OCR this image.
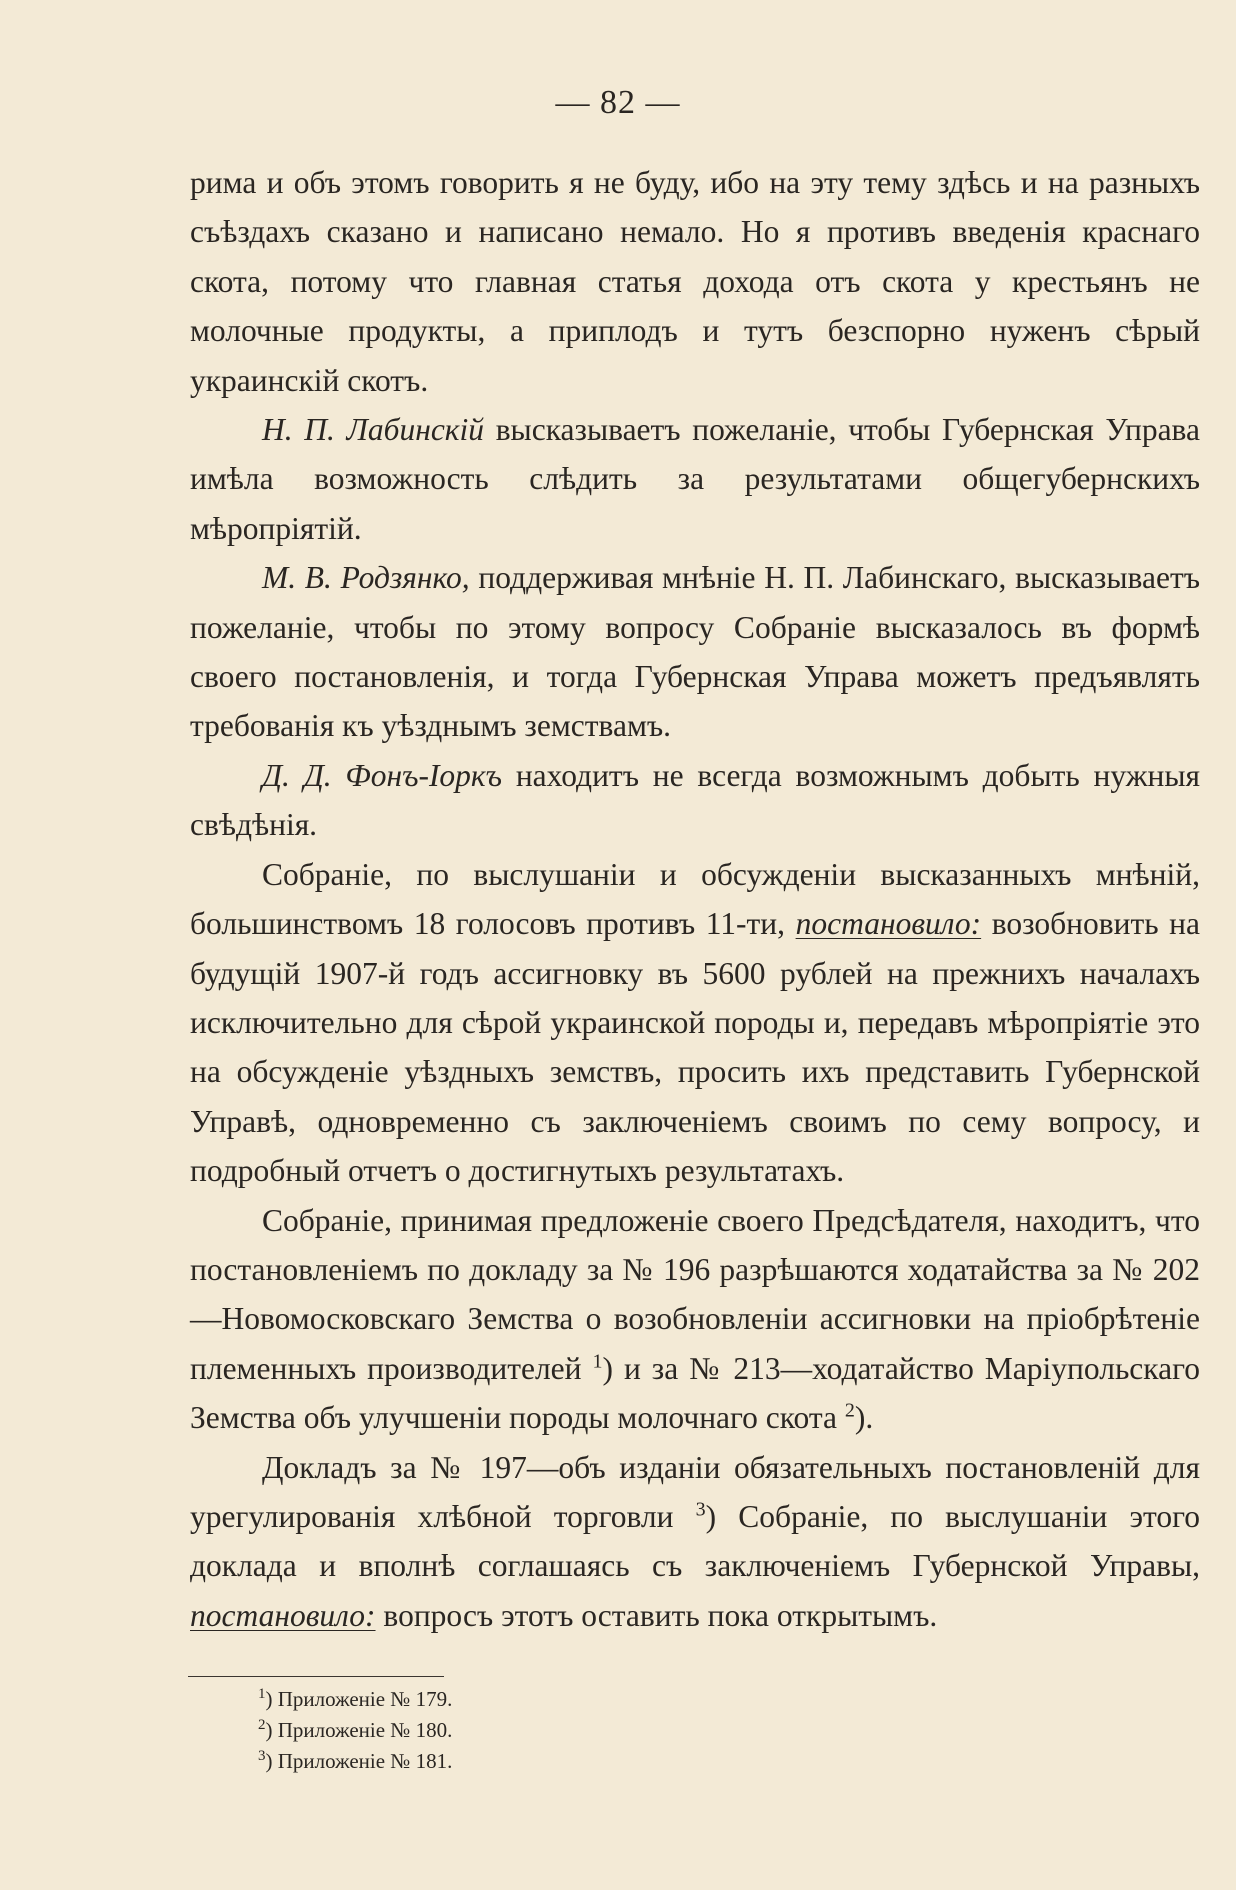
— 82 —

рима и объ этомъ говорить я не буду, ибо на эту тему здѣсь и на разныхъ съѣздахъ сказано и написано немало. Но я противъ введенія краснаго скота, потому что главная статья дохода отъ скота у крестьянъ не молочные продукты, а приплодъ и тутъ безспорно нуженъ сѣрый украинскій скотъ.

Н. П. Лабинскій высказываетъ пожеланіе, чтобы Губернская Управа имѣла возможность слѣдить за результатами общегубернскихъ мѣропріятій.

М. В. Родзянко, поддерживая мнѣніе Н. П. Лабинскаго, высказываетъ пожеланіе, чтобы по этому вопросу Собраніе высказалось въ формѣ своего постановленія, и тогда Губернская Управа можетъ предъявлять требованія къ уѣзднымъ земствамъ.

Д. Д. Фонъ-Іоркъ находитъ не всегда возможнымъ добыть нужныя свѣдѣнія.

Собраніе, по выслушаніи и обсужденіи высказанныхъ мнѣній, большинствомъ 18 голосовъ противъ 11-ти, постановило: возобновить на будущій 1907-й годъ ассигновку въ 5600 рублей на прежнихъ началахъ исключительно для сѣрой украинской породы и, передавъ мѣропріятіе это на обсужденіе уѣздныхъ земствъ, просить ихъ представить Губернской Управѣ, одновременно съ заключеніемъ своимъ по сему вопросу, и подробный отчетъ о достигнутыхъ результатахъ.

Собраніе, принимая предложеніе своего Предсѣдателя, находитъ, что постановленіемъ по докладу за № 196 разрѣшаются ходатайства за № 202—Новомосковскаго Земства о возобновленіи ассигновки на пріобрѣтеніе племенныхъ производителей $^1$) и за № 213—ходатайство Маріупольскаго Земства объ улучшеніи породы молочнаго скота $^2$).

Докладъ за № 197—объ изданіи обязательныхъ постановленій для урегулированія хлѣбной торговли $^3$) Собраніе, по выслушаніи этого доклада и вполнѣ соглашаясь съ заключеніемъ Губернской Управы, постановило: вопросъ этотъ оставить пока открытымъ.

$^1$) Приложеніе № 179.

$^2$) Приложеніе № 180.

$^3$) Приложеніе № 181.
